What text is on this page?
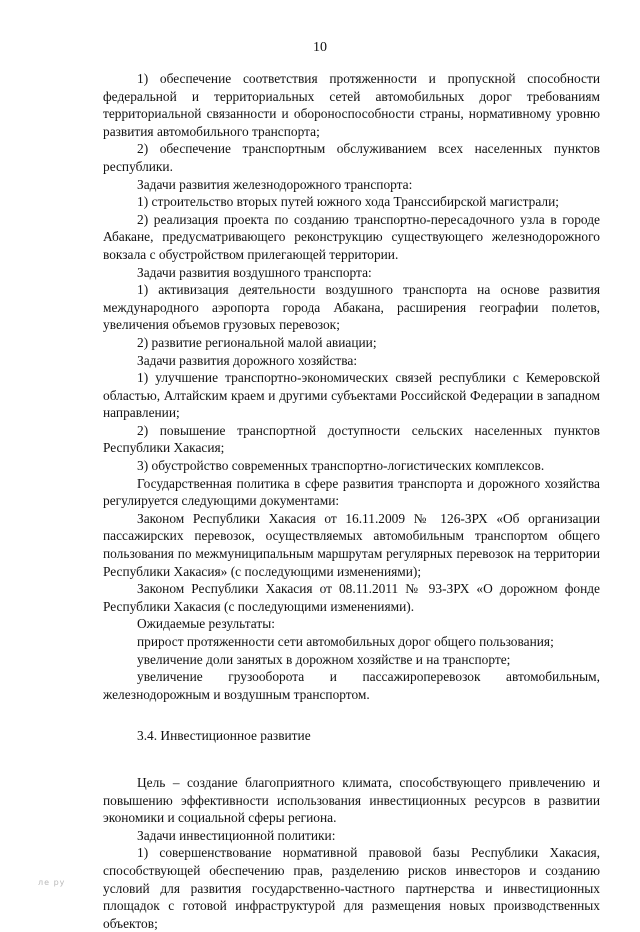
10

1) обеспечение соответствия протяженности и пропускной способности федеральной и территориальных сетей автомобильных дорог требованиям территориальной связанности и обороноспособности страны, нормативному уровню развития автомобильного транспорта;

2) обеспечение транспортным обслуживанием всех населенных пунктов республики.

Задачи развития железнодорожного транспорта:

1) строительство вторых путей южного хода Транссибирской магистрали;

2) реализация проекта по созданию транспортно-пересадочного узла в городе Абакане, предусматривающего реконструкцию существующего железнодорожного вокзала с обустройством прилегающей территории.

Задачи развития воздушного транспорта:

1) активизация деятельности воздушного транспорта на основе развития международного аэропорта города Абакана, расширения географии полетов, увеличения объемов грузовых перевозок;

2) развитие региональной малой авиации;

Задачи развития дорожного хозяйства:

1) улучшение транспортно-экономических связей республики с Кемеровской областью, Алтайским краем и другими субъектами Российской Федерации в западном направлении;

2) повышение транспортной доступности сельских населенных пунктов Республики Хакасия;

3) обустройство современных транспортно-логистических комплексов.

Государственная политика в сфере развития транспорта и дорожного хозяйства регулируется следующими документами:

Законом Республики Хакасия от 16.11.2009 № 126-ЗРХ «Об организации пассажирских перевозок, осуществляемых автомобильным транспортом общего пользования по межмуниципальным маршрутам регулярных перевозок на территории Республики Хакасия» (с последующими изменениями);

Законом Республики Хакасия от 08.11.2011 № 93-ЗРХ «О дорожном фонде Республики Хакасия (с последующими изменениями).

Ожидаемые результаты:

прирост протяженности сети автомобильных дорог общего пользования;

увеличение доли занятых в дорожном хозяйстве и на транспорте;

увеличение грузооборота и пассажироперевозок автомобильным, железнодорожным и воздушным транспортом.

3.4. Инвестиционное развитие

Цель – создание благоприятного климата, способствующего привлечению и повышению эффективности использования инвестиционных ресурсов в развитии экономики и социальной сферы региона.

Задачи инвестиционной политики:

1) совершенствование нормативной правовой базы Республики Хакасия, способствующей обеспечению прав, разделению рисков инвесторов и созданию условий для развития государственно-частного партнерства и инвестиционных площадок с готовой инфраструктурой для размещения новых производственных объектов;

ле ру
